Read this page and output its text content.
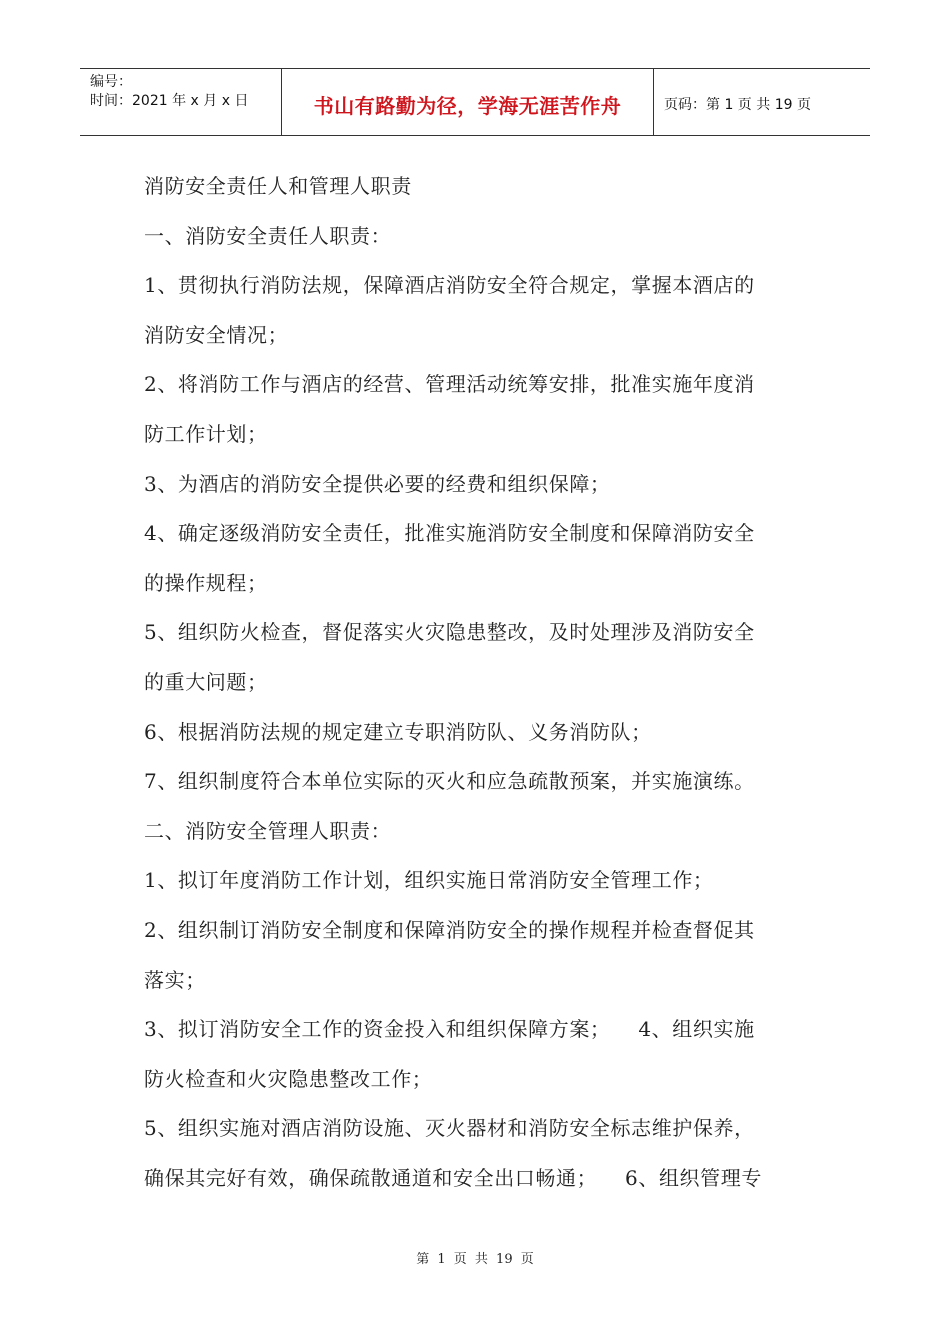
编号：
时间：2021 年 x 月 x 日	书山有路勤为径，学海无涯苦作舟	页码：第 1 页 共 19 页
消防安全责任人和管理人职责
一、消防安全责任人职责：
1、贯彻执行消防法规，保障酒店消防安全符合规定，掌握本酒店的
消防安全情况；
2、将消防工作与酒店的经营、管理活动统筹安排，批准实施年度消
防工作计划；
3、为酒店的消防安全提供必要的经费和组织保障；
4、确定逐级消防安全责任，批准实施消防安全制度和保障消防安全
的操作规程；
5、组织防火检查，督促落实火灾隐患整改，及时处理涉及消防安全
的重大问题；
6、根据消防法规的规定建立专职消防队、义务消防队；
7、组织制度符合本单位实际的灭火和应急疏散预案，并实施演练。
二、消防安全管理人职责：
1、拟订年度消防工作计划，组织实施日常消防安全管理工作；
2、组织制订消防安全制度和保障消防安全的操作规程并检查督促其
落实；
3、拟订消防安全工作的资金投入和组织保障方案；    4、组织实施
防火检查和火灾隐患整改工作；
5、组织实施对酒店消防设施、灭火器材和消防安全标志维护保养，
确保其完好有效，确保疏散通道和安全出口畅通；    6、组织管理专
第 1 页 共 19 页
